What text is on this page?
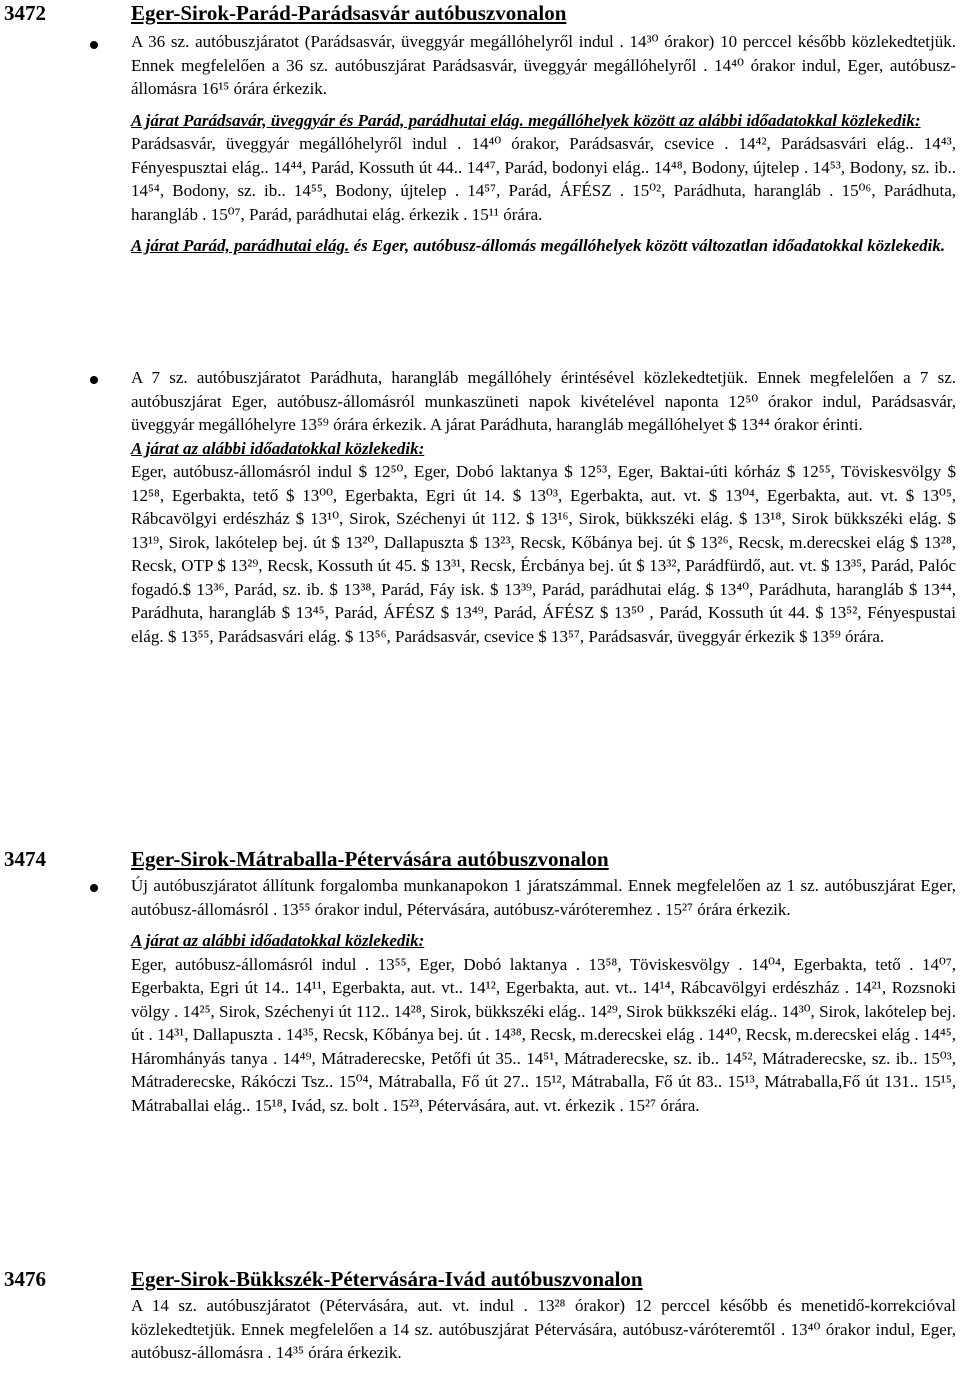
3472	Eger-Sirok-Parád-Parádsasvár autóbuszvonalon

A 36 sz. autóbuszjáratot (Parádsasvár, üveggyár megállóhelyről indul . 14³⁰ órakor) 10 perccel később közlekedtetjük. Ennek megfelelően a 36 sz. autóbuszjárat Parádsasvár, üveggyár megállóhelyről . 14⁴⁰ órakor indul, Eger, autóbusz-állomásra 16¹⁵ órára érkezik.

A járat Parádsavár, üveggyár és Parád, parádhutai elág. megállóhelyek között az alábbi időadatokkal közlekedik:

Parádsasvár, üveggyár megállóhelyről indul . 14⁴⁰ órakor, Parádsasvár, csevice . 14⁴², Parádsasvári elág.. 14⁴³, Fényespusztai elág.. 14⁴⁴, Parád, Kossuth út 44.. 14⁴⁷, Parád, bodonyi elág.. 14⁴⁸, Bodony, újtelep . 14⁵³, Bodony, sz. ib.. 14⁵⁴, Bodony, sz. ib.. 14⁵⁵, Bodony, újtelep . 14⁵⁷, Parád, ÁFÉSZ . 15⁰², Parádhuta, harangláb . 15⁰⁶, Parádhuta, harangláb . 15⁰⁷, Parád, parádhutai elág. érkezik . 15¹¹ órára.

A járat Parád, parádhutai elág. és Eger, autóbusz-állomás megállóhelyek között változatlan időadatokkal közlekedik.

A 7 sz. autóbuszjáratot Parádhuta, harangláb megállóhely érintésével közlekedtetjük. Ennek megfelelően a 7 sz. autóbuszjárat Eger, autóbusz-állomásról munkaszüneti napok kivételével naponta 12⁵⁰ órakor indul, Parádsasvár, üveggyár megállóhelyre 13⁵⁹ órára érkezik. A járat Parádhuta, harangláb megállóhelyet $ 13⁴⁴ órakor érinti.

A járat az alábbi időadatokkal közlekedik:

Eger, autóbusz-állomásról indul $ 12⁵⁰, Eger, Dobó laktanya $ 12⁵³, Eger, Baktai-úti kórház $ 12⁵⁵, Töviskesvölgy $ 12⁵⁸, Egerbakta, tető $ 13⁰⁰, Egerbakta, Egri út 14. $ 13⁰³, Egerbakta, aut. vt. $ 13⁰⁴, Egerbakta, aut. vt. $ 13⁰⁵, Rábcavölgyi erdészház $ 13¹⁰, Sirok, Széchenyi út 112. $ 13¹⁶, Sirok, bükkszéki elág. $ 13¹⁸, Sirok bükkszéki elág. $ 13¹⁹, Sirok, lakótelep bej. út $ 13²⁰, Dallapuszta $ 13²³, Recsk, Kőbánya bej. út $ 13²⁶, Recsk, m.derecskei elág $ 13²⁸, Recsk, OTP $ 13²⁹, Recsk, Kossuth út 45. $ 13³¹, Recsk, Ércbánya bej. út $ 13³², Parádfürdő, aut. vt. $ 13³⁵, Parád, Palóc fogadó.$ 13³⁶, Parád, sz. ib. $ 13³⁸, Parád, Fáy isk. $ 13³⁹, Parád, parádhutai elág. $ 13⁴⁰, Parádhuta, harangláb $ 13⁴⁴, Parádhuta, harangláb $ 13⁴⁵, Parád, ÁFÉSZ $ 13⁴⁹, Parád, ÁFÉSZ $ 13⁵⁰ , Parád, Kossuth út 44. $ 13⁵², Fényespustai elág. $ 13⁵⁵, Parádsasvári elág. $ 13⁵⁶, Parádsasvár, csevice $ 13⁵⁷, Parádsasvár, üveggyár érkezik $ 13⁵⁹ órára.

3474	Eger-Sirok-Mátraballa-Pétervására autóbuszvonalon

Új autóbuszjáratot állítunk forgalomba munkanapokon 1 járatszámmal. Ennek megfelelően az 1 sz. autóbuszjárat Eger, autóbusz-állomásról . 13⁵⁵ órakor indul, Pétervására, autóbusz-váróteremhez . 15²⁷ órára érkezik.

A járat az alábbi időadatokkal közlekedik:

Eger, autóbusz-állomásról indul . 13⁵⁵, Eger, Dobó laktanya . 13⁵⁸, Töviskesvölgy . 14⁰⁴, Egerbakta, tető . 14⁰⁷, Egerbakta, Egri út 14.. 14¹¹, Egerbakta, aut. vt.. 14¹², Egerbakta, aut. vt.. 14¹⁴, Rábcavölgyi erdészház . 14²¹, Rozsnoki völgy . 14²⁵, Sirok, Széchenyi út 112.. 14²⁸, Sirok, bükkszéki elág.. 14²⁹, Sirok bükkszéki elág.. 14³⁰, Sirok, lakótelep bej. út . 14³¹, Dallapuszta . 14³⁵, Recsk, Kőbánya bej. út . 14³⁸, Recsk, m.derecskei elág . 14⁴⁰, Recsk, m.derecskei elág . 14⁴⁵, Háromhányás tanya . 14⁴⁹, Mátraderecske, Petőfi út 35.. 14⁵¹, Mátraderecske, sz. ib.. 14⁵², Mátraderecske, sz. ib.. 15⁰³, Mátraderecske, Rákóczi Tsz.. 15⁰⁴, Mátraballa, Fő út 27.. 15¹², Mátraballa, Fő út 83.. 15¹³, Mátraballa,Fő út 131.. 15¹⁵, Mátraballai elág.. 15¹⁸, Ivád, sz. bolt . 15²³, Pétervására, aut. vt. érkezik . 15²⁷ órára.

3476	Eger-Sirok-Bükkszék-Pétervására-Ivád autóbuszvonalon

A 14 sz. autóbuszjáratot (Pétervására, aut. vt. indul . 13²⁸ órakor) 12 perccel később és menetidő-korrekcióval közlekedtetjük. Ennek megfelelően a 14 sz. autóbuszjárat Pétervására, autóbusz-váróteremtől . 13⁴⁰ órakor indul, Eger, autóbusz-állomásra . 14³⁵ órára érkezik.
